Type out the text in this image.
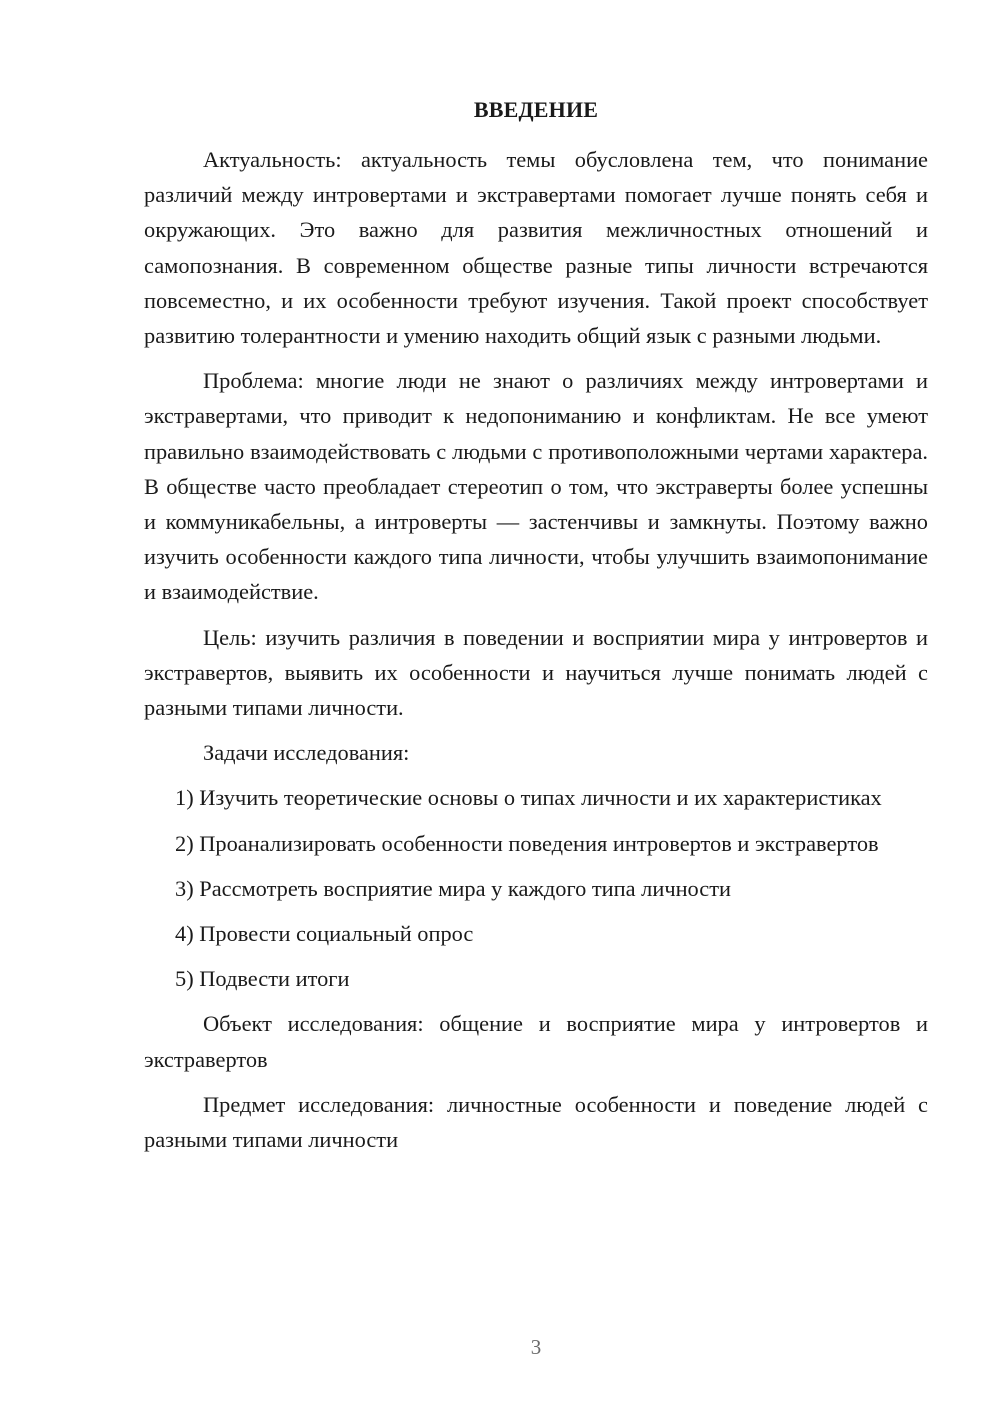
ВВЕДЕНИЕ

Актуальность: актуальность темы обусловлена тем, что понимание различий между интровертами и экстравертами помогает лучше понять себя и окружающих. Это важно для развития межличностных отношений и самопознания. В современном обществе разные типы личности встречаются повсеместно, и их особенности требуют изучения. Такой проект способствует развитию толерантности и умению находить общий язык с разными людьми.

Проблема: многие люди не знают о различиях между интровертами и экстравертами, что приводит к недопониманию и конфликтам. Не все умеют правильно взаимодействовать с людьми с противоположными чертами характера. В обществе часто преобладает стереотип о том, что экстраверты более успешны и коммуникабельны, а интроверты — застенчивы и замкнуты. Поэтому важно изучить особенности каждого типа личности, чтобы улучшить взаимопонимание и взаимодействие.

Цель: изучить различия в поведении и восприятии мира у интровертов и экстравертов, выявить их особенности и научиться лучше понимать людей с разными типами личности.

Задачи исследования:

1) Изучить теоретические основы о типах личности и их характеристиках

2) Проанализировать особенности поведения интровертов и экстравертов

3) Рассмотреть восприятие мира у каждого типа личности

4) Провести социальный опрос

5) Подвести итоги

Объект исследования: общение и восприятие мира у интровертов и экстравертов

Предмет исследования: личностные особенности и поведение людей с разными типами личности

3
